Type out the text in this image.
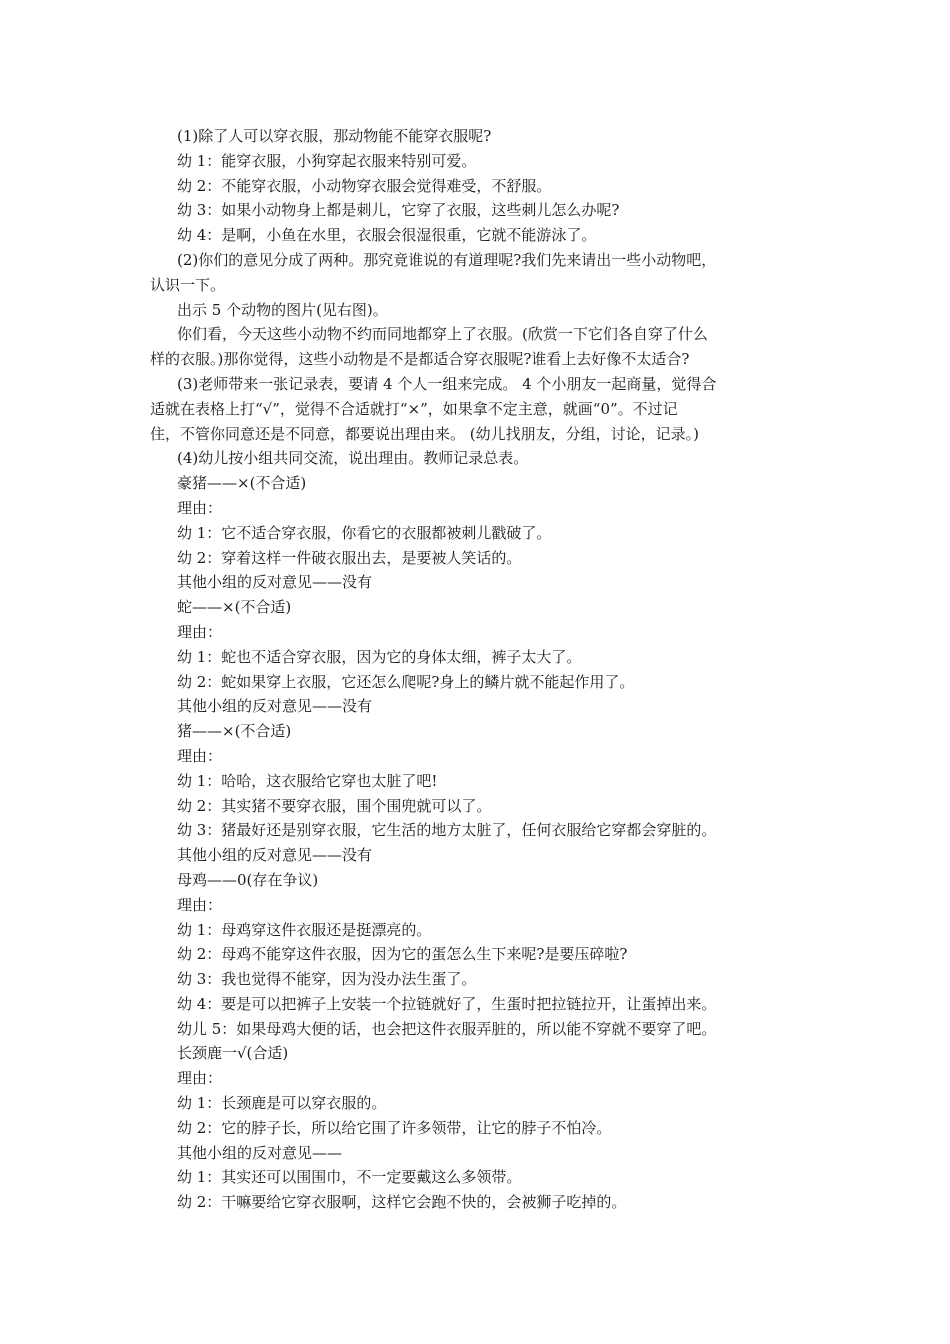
(1)除了人可以穿衣服，那动物能不能穿衣服呢?

幼 1：能穿衣服，小狗穿起衣服来特别可爱。

幼 2：不能穿衣服，小动物穿衣服会觉得难受，不舒服。

幼 3：如果小动物身上都是刺儿，它穿了衣服，这些刺儿怎么办呢?

幼 4：是啊，小鱼在水里，衣服会很湿很重，它就不能游泳了。

(2)你们的意见分成了两种。那究竟谁说的有道理呢?我们先来请出一些小动物吧，

认识一下。

出示 5 个动物的图片(见右图)。

你们看，今天这些小动物不约而同地都穿上了衣服。(欣赏一下它们各自穿了什么

样的衣服。)那你觉得，这些小动物是不是都适合穿衣服呢?谁看上去好像不太适合?

(3)老师带来一张记录表，要请 4 个人一组来完成。 4 个小朋友一起商量，觉得合

适就在表格上打“√”，觉得不合适就打“×”，如果拿不定主意，就画“0”。不过记

住，不管你同意还是不同意，都要说出理由来。 (幼儿找朋友，分组，讨论，记录。)

(4)幼儿按小组共同交流，说出理由。教师记录总表。

豪猪——×(不合适)

理由：

幼 1：它不适合穿衣服，你看它的衣服都被刺儿戳破了。

幼 2：穿着这样一件破衣服出去，是要被人笑话的。

其他小组的反对意见——没有

蛇——×(不合适)

理由：

幼 1：蛇也不适合穿衣服，因为它的身体太细，裤子太大了。

幼 2：蛇如果穿上衣服，它还怎么爬呢?身上的鳞片就不能起作用了。

其他小组的反对意见——没有

猪——×(不合适)

理由：

幼 1：哈哈，这衣服给它穿也太脏了吧!

幼 2：其实猪不要穿衣服，围个围兜就可以了。

幼 3：猪最好还是别穿衣服，它生活的地方太脏了，任何衣服给它穿都会穿脏的。

其他小组的反对意见——没有

母鸡——0(存在争议)

理由：

幼 1：母鸡穿这件衣服还是挺漂亮的。

幼 2：母鸡不能穿这件衣服，因为它的蛋怎么生下来呢?是要压碎啦?

幼 3：我也觉得不能穿，因为没办法生蛋了。

幼 4：要是可以把裤子上安装一个拉链就好了，生蛋时把拉链拉开，让蛋掉出来。

幼儿 5：如果母鸡大便的话，也会把这件衣服弄脏的，所以能不穿就不要穿了吧。

长颈鹿一√(合适)

理由：

幼 1：长颈鹿是可以穿衣服的。

幼 2：它的脖子长，所以给它围了许多领带，让它的脖子不怕冷。

其他小组的反对意见——

幼 1：其实还可以围围巾，不一定要戴这么多领带。

幼 2：干嘛要给它穿衣服啊，这样它会跑不快的，会被狮子吃掉的。
